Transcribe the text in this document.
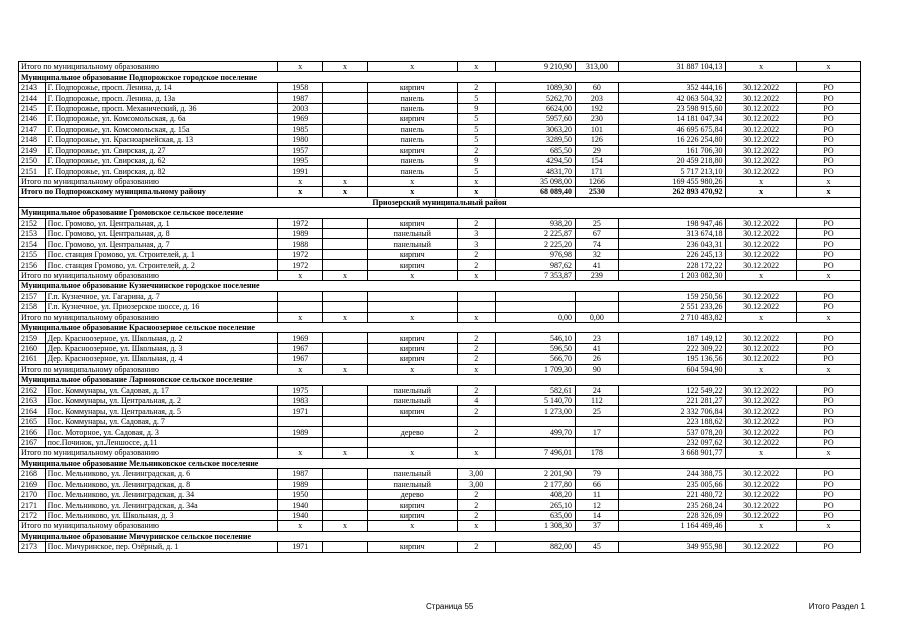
Итого по муниципальному образованию		x	x	x	x	9 210,90	313,00	31 887 104,13	x	x
Муниципальное образование Подпорожское городское поселение										
2143	Г. Подпорожье, просп. Ленина, д. 14	1958		кирпич	2	1089,30	60	352 444,16	30.12.2022	РО
2144	Г. Подпорожье, просп. Ленина, д. 13а	1987		панель	5	5262,70	203	42 063 504,32	30.12.2022	РО
2145	Г. Подпорожье, просп. Механический, д. 36	2003		панель	9	6624,00	192	23 598 915,60	30.12.2022	РО
2146	Г. Подпорожье, ул. Комсомольская, д. 6а	1969		кирпич	5	5957,60	230	14 181 047,34	30.12.2022	РО
2147	Г. Подпорожье, ул. Комсомольская, д. 15а	1985		панель	5	3063,20	101	46 695 675,84	30.12.2022	РО
2148	Г. Подпорожье, ул. Красноармейская, д. 13	1980		панель	5	3289,50	126	16 226 254,80	30.12.2022	РО
2149	Г. Подпорожье, ул. Свирская, д. 27	1957		кирпич	2	685,50	29	161 706,30	30.12.2022	РО
2150	Г. Подпорожье, ул. Свирская, д. 62	1995		панель	9	4294,50	154	20 459 218,80	30.12.2022	РО
2151	Г. Подпорожье, ул. Свирская, д. 82	1991		панель	5	4831,70	171	5 717 213,10	30.12.2022	РО
Итого по муниципальному образованию		x	x	x	x	35 098,00	1266	169 455 980,26	x	x
Итого по Подпорожскому муниципальному району		x	x	x	x	68 089,40	2530	262 893 470,92	x	x
Приозерский муниципальный район										
Муниципальное образование Громовское сельское поселение										
2152	Пос. Громово, ул. Центральная, д. 1	1972		кирпич	2	938,20	25	198 947,46	30.12.2022	РО
2153	Пос. Громово, ул. Центральная, д. 8	1989		панельный	3	2 225,87	67	313 674,18	30.12.2022	РО
2154	Пос. Громово, ул. Центральная, д. 7	1988		панельный	3	2 225,20	74	236 043,31	30.12.2022	РО
2155	Пос. станция Громово, ул. Строителей, д. 1	1972		кирпич	2	976,98	32	226 245,13	30.12.2022	РО
2156	Пос. станция Громово, ул. Строителей, д. 2	1972		кирпич	2	987,62	41	228 172,22	30.12.2022	РО
Итого по муниципальному образованию		x	x	x	x	7 353,87	239	1 203 082,30	x	x
Муниципальное образование Кузнечнинское городское поселение										
2157	Г.п. Кузнечное, ул. Гагарина, д. 7							159 250,56	30.12.2022	РО
2158	Г.п. Кузнечное, ул. Приозерское шоссе, д. 16							2 551 233,26	30.12.2022	РО
Итого по муниципальному образованию		x	x	x	x	0,00	0,00	2 710 483,82	x	x
Муниципальное образование Красноозерное сельское поселение										
2159	Дер. Красноозерное, ул. Школьная, д. 2	1969		кирпич	2	546,10	23	187 149,12	30.12.2022	РО
2160	Дер. Красноозерное, ул. Школьная, д. 3	1967		кирпич	2	596,50	41	222 309,22	30.12.2022	РО
2161	Дер. Красноозерное, ул. Школьная, д. 4	1967		кирпич	2	566,70	26	195 136,56	30.12.2022	РО
Итого по муниципальному образованию		x	x	x	x	1 709,30	90	604 594,90	x	x
Муниципальное образование Ларионовское сельское поселение										
2162	Пос. Коммунары, ул. Садовая, д. 17	1975		панельный	2	582,61	24	122 549,22	30.12.2022	РО
2163	Пос. Коммунары, ул. Центральная, д. 2	1983		панельный	4	5 140,70	112	221 281,27	30.12.2022	РО
2164	Пос. Коммунары, ул. Центральная, д. 5	1971		кирпич	2	1 273,00	25	2 332 706,84	30.12.2022	РО
2165	Пос. Коммунары, ул. Садовая, д. 7							223 188,62	30.12.2022	РО
2166	Пос. Моторное, ул. Садовая, д. 3	1989		дерево	2	499,70	17	537 078,20	30.12.2022	РО
2167	пос.Починок, ул.Леншоссе, д.11							232 097,62	30.12.2022	РО
Итого по муниципальному образованию		x	x	x	x	7 496,01	178	3 668 901,77	x	x
Муниципальное образование Мельниковское сельское поселение										
2168	Пос. Мельниково, ул. Ленинградская, д. 6	1987		панельный	3,00	2 201,90	79	244 388,75	30.12.2022	РО
2169	Пос. Мельниково, ул. Ленинградская, д. 8	1989		панельный	3,00	2 177,80	66	235 005,66	30.12.2022	РО
2170	Пос. Мельниково, ул. Ленинградская, д. 34	1950		дерево	2	408,20	11	221 480,72	30.12.2022	РО
2171	Пос. Мельниково, ул. Ленинградская, д. 34а	1940		кирпич	2	265,10	12	235 268,24	30.12.2022	РО
2172	Пос. Мельниково, ул. Школьная, д. 3	1940		кирпич	2	635,00	14	228 326,09	30.12.2022	РО
Итого по муниципальному образованию		x	x	x	x	1 308,30	37	1 164 469,46	x	x
Муниципальное образование Мичуринское сельское поселение										
2173	Пос. Мичуринское, пер. Озёрный, д. 1	1971		кирпич	2	882,00	45	349 955,98	30.12.2022	РО
Страница 55	Итого Раздел 1
